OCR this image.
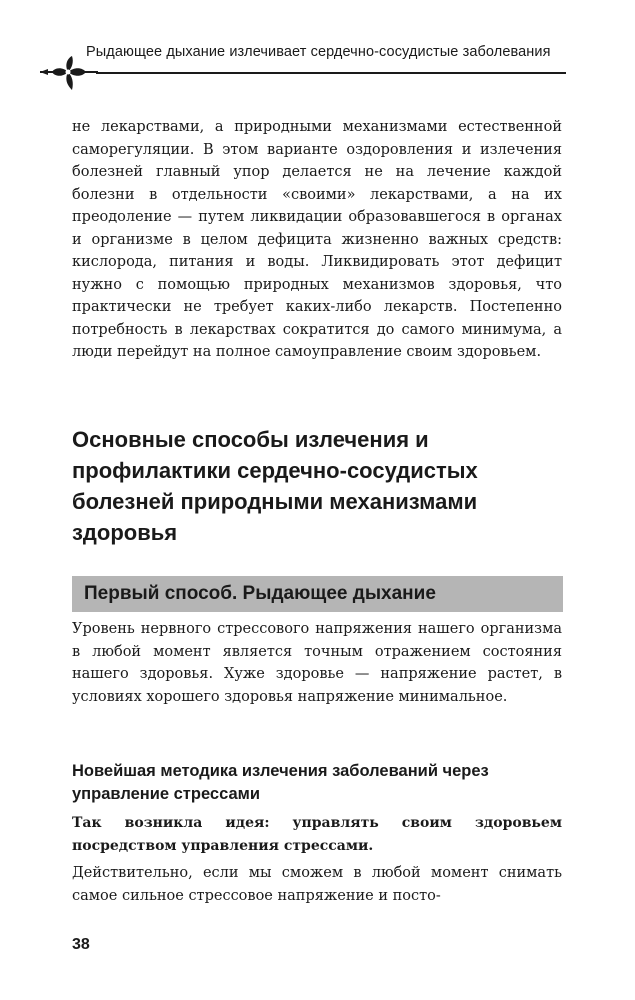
Рыдающее дыхание излечивает сердечно-сосудистые заболевания

не лекарствами, а природными механизмами естественной саморегуляции. В этом варианте оздоровления и излечения болезней главный упор делается не на лечение каждой болезни в отдельности «своими» лекарствами, а на их преодоление — путем ликвидации образовавшегося в органах и организме в целом дефицита жизненно важных средств: кислорода, питания и воды. Ликвидировать этот дефицит нужно с помощью природных механизмов здоровья, что практически не требует каких-либо лекарств. Постепенно потребность в лекарствах сократится до самого минимума, а люди перейдут на полное самоуправление своим здоровьем.

Основные способы излечения и профилактики сердечно-сосудистых болезней природными механизмами здоровья
Первый способ. Рыдающее дыхание

Уровень нервного стрессового напряжения нашего организма в любой момент является точным отражением состояния нашего здоровья. Хуже здоровье — напряжение растет, в условиях хорошего здоровья напряжение минимальное.

Новейшая методика излечения заболеваний через управление стрессами

Так возникла идея: управлять своим здоровьем посредством управления стрессами.

Действительно, если мы сможем в любой момент снимать самое сильное стрессовое напряжение и посто-

38
